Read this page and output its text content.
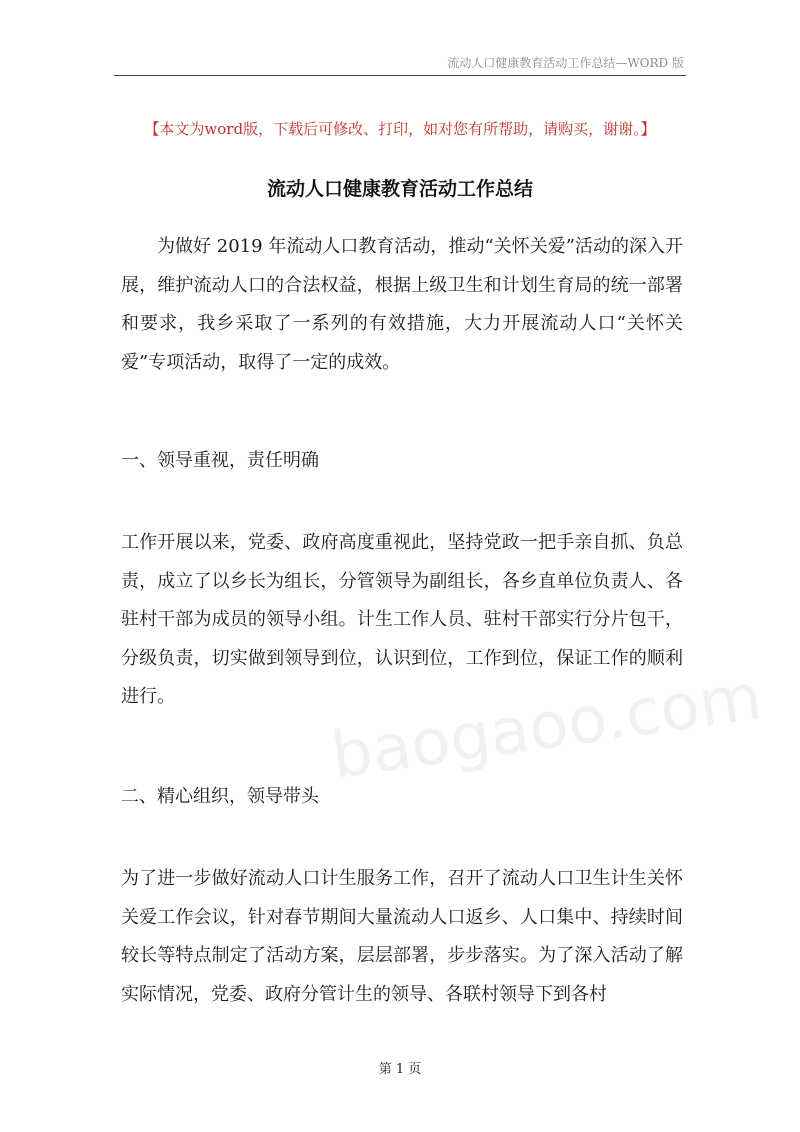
流动人口健康教育活动工作总结—WORD 版
【本文为word版，下载后可修改、打印，如对您有所帮助，请购买，谢谢。】
流动人口健康教育活动工作总结

为做好 2019 年流动人口教育活动，推动“关怀关爱”活动的深入开展，维护流动人口的合法权益，根据上级卫生和计划生育局的统一部署和要求，我乡采取了一系列的有效措施，大力开展流动人口“关怀关爱”专项活动，取得了一定的成效。

一、领导重视，责任明确

工作开展以来，党委、政府高度重视此，坚持党政一把手亲自抓、负总责，成立了以乡长为组长，分管领导为副组长，各乡直单位负责人、各驻村干部为成员的领导小组。计生工作人员、驻村干部实行分片包干，分级负责，切实做到领导到位，认识到位，工作到位，保证工作的顺利进行。	baogaoo.com

二、精心组织，领导带头

为了进一步做好流动人口计生服务工作，召开了流动人口卫生计生关怀关爱工作会议，针对春节期间大量流动人口返乡、人口集中、持续时间较长等特点制定了活动方案，层层部署，步步落实。为了深入活动了解实际情况，党委、政府分管计生的领导、各联村领导下到各村

第 1 页
